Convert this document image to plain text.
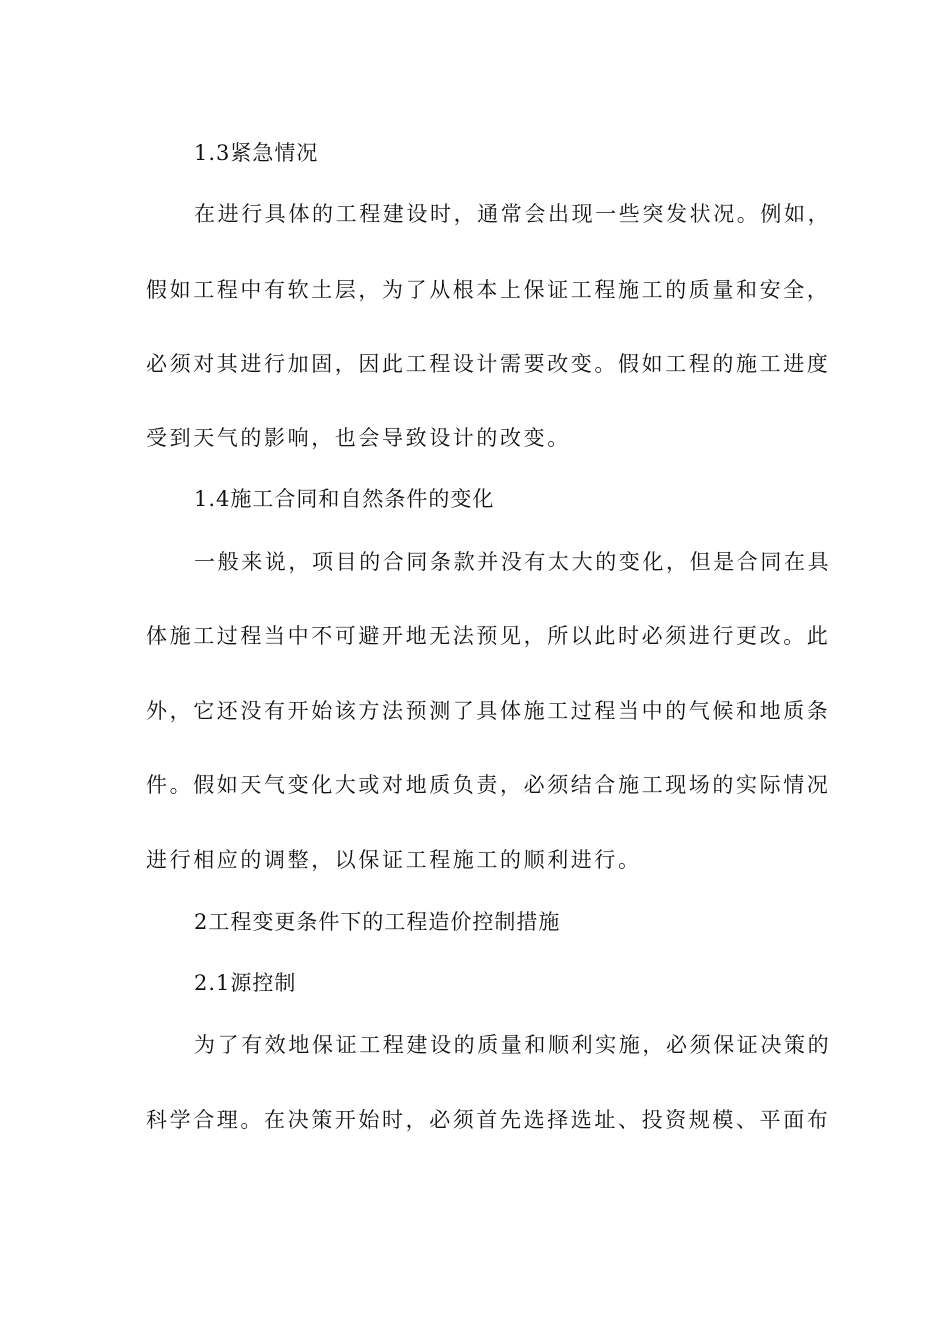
1.3紧急情况
在进行具体的工程建设时，通常会出现一些突发状况。例如，
假如工程中有软土层，为了从根本上保证工程施工的质量和安全，
必须对其进行加固，因此工程设计需要改变。假如工程的施工进度
受到天气的影响，也会导致设计的改变。
1.4施工合同和自然条件的变化
一般来说，项目的合同条款并没有太大的变化，但是合同在具
体施工过程当中不可避开地无法预见，所以此时必须进行更改。此
外，它还没有开始该方法预测了具体施工过程当中的气候和地质条
件。假如天气变化大或对地质负责，必须结合施工现场的实际情况
进行相应的调整，以保证工程施工的顺利进行。
2工程变更条件下的工程造价控制措施
2.1源控制
为了有效地保证工程建设的质量和顺利实施，必须保证决策的
科学合理。在决策开始时，必须首先选择选址、投资规模、平面布
